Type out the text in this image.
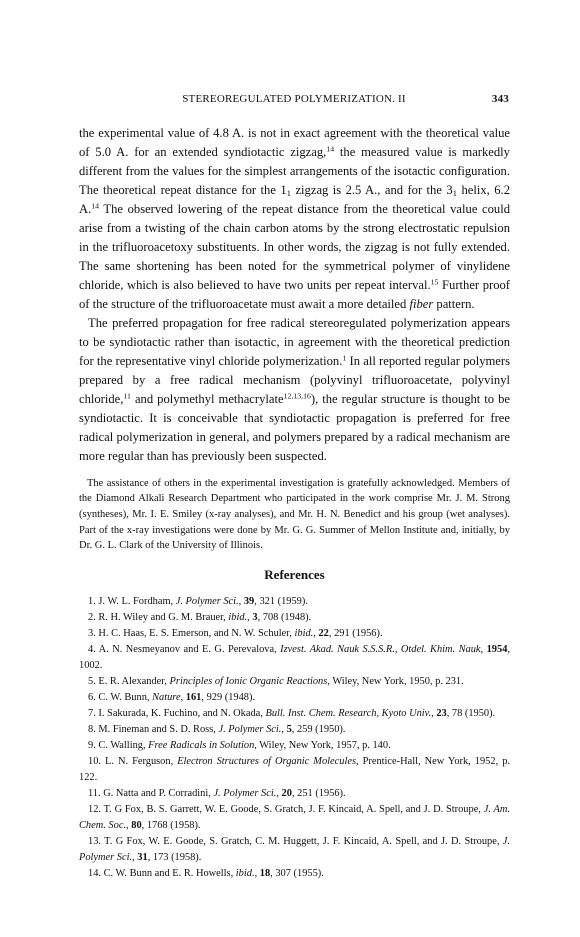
STEREOREGULATED POLYMERIZATION. II	343

the experimental value of 4.8 A. is not in exact agreement with the theoretical value of 5.0 A. for an extended syndiotactic zigzag,$^{14}$ the measured value is markedly different from the values for the simplest arrangements of the isotactic configuration. The theoretical repeat distance for the $1_1$ zigzag is 2.5 A., and for the $3_1$ helix, 6.2 A.$^{14}$ The observed lowering of the repeat distance from the theoretical value could arise from a twisting of the chain carbon atoms by the strong electrostatic repulsion in the trifluoroacetoxy substituents. In other words, the zigzag is not fully extended. The same shortening has been noted for the symmetrical polymer of vinylidene chloride, which is also believed to have two units per repeat interval.$^{15}$ Further proof of the structure of the trifluoroacetate must await a more detailed fiber pattern.

The preferred propagation for free radical stereoregulated polymerization appears to be syndiotactic rather than isotactic, in agreement with the theoretical prediction for the representative vinyl chloride polymerization.$^1$ In all reported regular polymers prepared by a free radical mechanism (polyvinyl trifluoroacetate, polyvinyl chloride,$^{11}$ and polymethyl methacrylate$^{12,13,16}$), the regular structure is thought to be syndiotactic. It is conceivable that syndiotactic propagation is preferred for free radical polymerization in general, and polymers prepared by a radical mechanism are more regular than has previously been suspected.

The assistance of others in the experimental investigation is gratefully acknowledged. Members of the Diamond Alkali Research Department who participated in the work comprise Mr. J. M. Strong (syntheses), Mr. I. E. Smiley (x-ray analyses), and Mr. H. N. Benedict and his group (wet analyses). Part of the x-ray investigations were done by Mr. G. G. Summer of Mellon Institute and, initially, by Dr. G. L. Clark of the University of Illinois.

References
1. J. W. L. Fordham, J. Polymer Sci., 39, 321 (1959).
2. R. H. Wiley and G. M. Brauer, ibid., 3, 708 (1948).
3. H. C. Haas, E. S. Emerson, and N. W. Schuler, ibid., 22, 291 (1956).
4. A. N. Nesmeyanov and E. G. Perevalova, Izvest. Akad. Nauk S.S.S.R., Otdel. Khim. Nauk, 1954, 1002.
5. E. R. Alexander, Principles of Ionic Organic Reactions, Wiley, New York, 1950, p. 231.
6. C. W. Bunn, Nature, 161, 929 (1948).
7. I. Sakurada, K. Fuchino, and N. Okada, Bull. Inst. Chem. Research, Kyoto Univ., 23, 78 (1950).
8. M. Fineman and S. D. Ross, J. Polymer Sci., 5, 259 (1950).
9. C. Walling, Free Radicals in Solution, Wiley, New York, 1957, p. 140.
10. L. N. Ferguson, Electron Structures of Organic Molecules, Prentice-Hall, New York, 1952, p. 122.
11. G. Natta and P. Corradini, J. Polymer Sci., 20, 251 (1956).
12. T. G Fox, B. S. Garrett, W. E. Goode, S. Gratch, J. F. Kincaid, A. Spell, and J. D. Stroupe, J. Am. Chem. Soc., 80, 1768 (1958).
13. T. G Fox, W. E. Goode, S. Gratch, C. M. Huggett, J. F. Kincaid, A. Spell, and J. D. Stroupe, J. Polymer Sci., 31, 173 (1958).
14. C. W. Bunn and E. R. Howells, ibid., 18, 307 (1955).
